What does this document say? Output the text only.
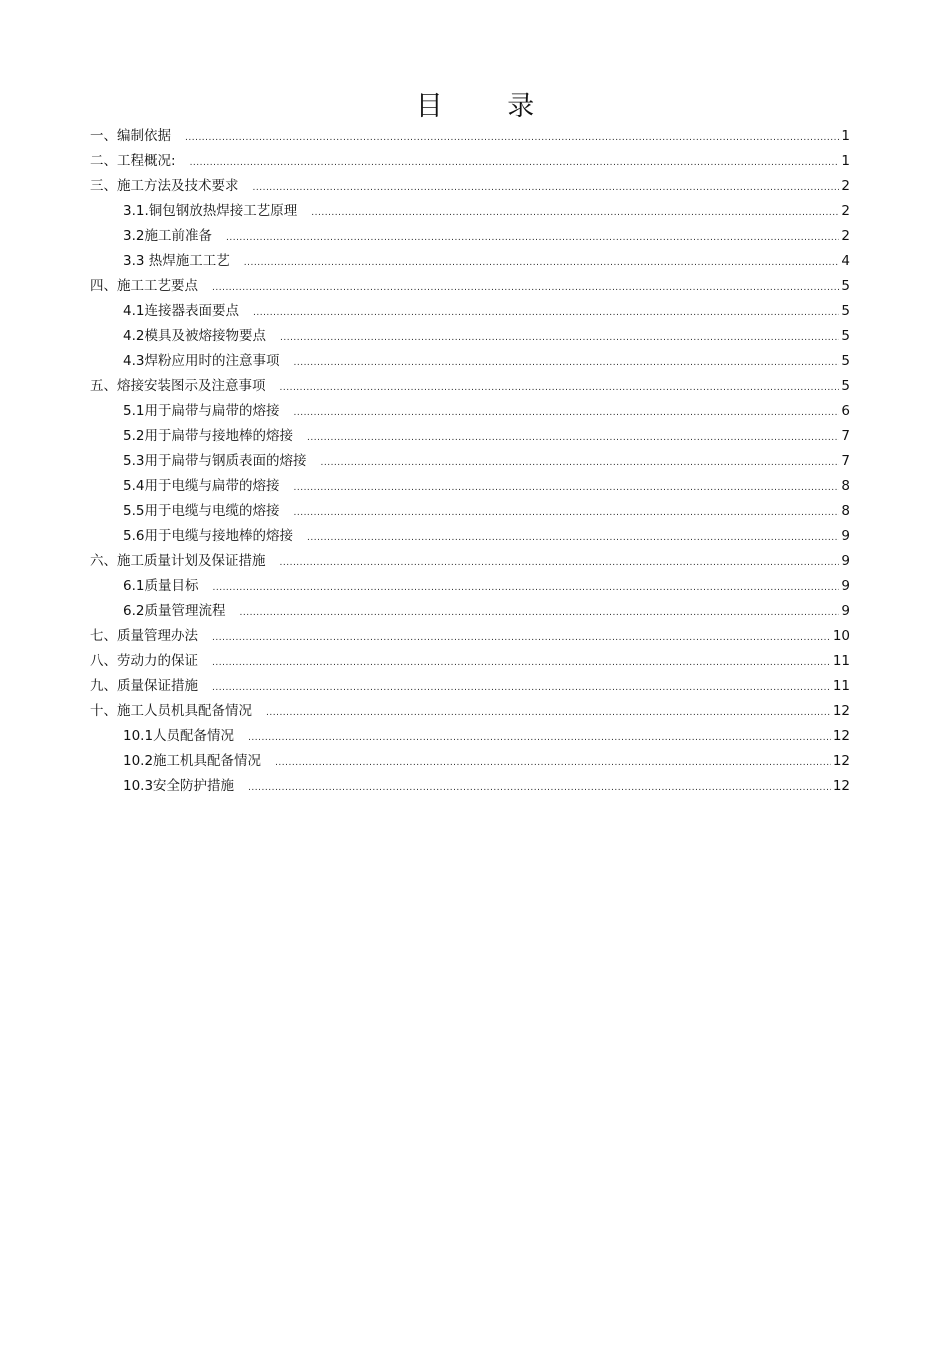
目 录
一、编制依据 .....	1
二、工程概况: .....	1
三、施工方法及技术要求 .....	2
3.1.铜包钢放热焊接工艺原理 .....	2
3.2施工前准备 .....	2
3.3 热焊施工工艺 .....	4
四、施工工艺要点 .....	5
4.1连接器表面要点 .....	5
4.2模具及被熔接物要点 .....	5
4.3焊粉应用时的注意事项 .....	5
五、熔接安装图示及注意事项 .....	5
5.1用于扁带与扁带的熔接 .....	6
5.2用于扁带与接地棒的熔接 .....	7
5.3用于扁带与钢质表面的熔接 .....	7
5.4用于电缆与扁带的熔接 .....	8
5.5用于电缆与电缆的熔接 .....	8
5.6用于电缆与接地棒的熔接 .....	9
六、施工质量计划及保证措施 .....	9
6.1质量目标 .....	9
6.2质量管理流程 .....	9
七、质量管理办法 .....	10
八、劳动力的保证 .....	11
九、质量保证措施 .....	11
十、施工人员机具配备情况 .....	12
10.1人员配备情况 .....	12
10.2施工机具配备情况 .....	12
10.3安全防护措施 .....	12
